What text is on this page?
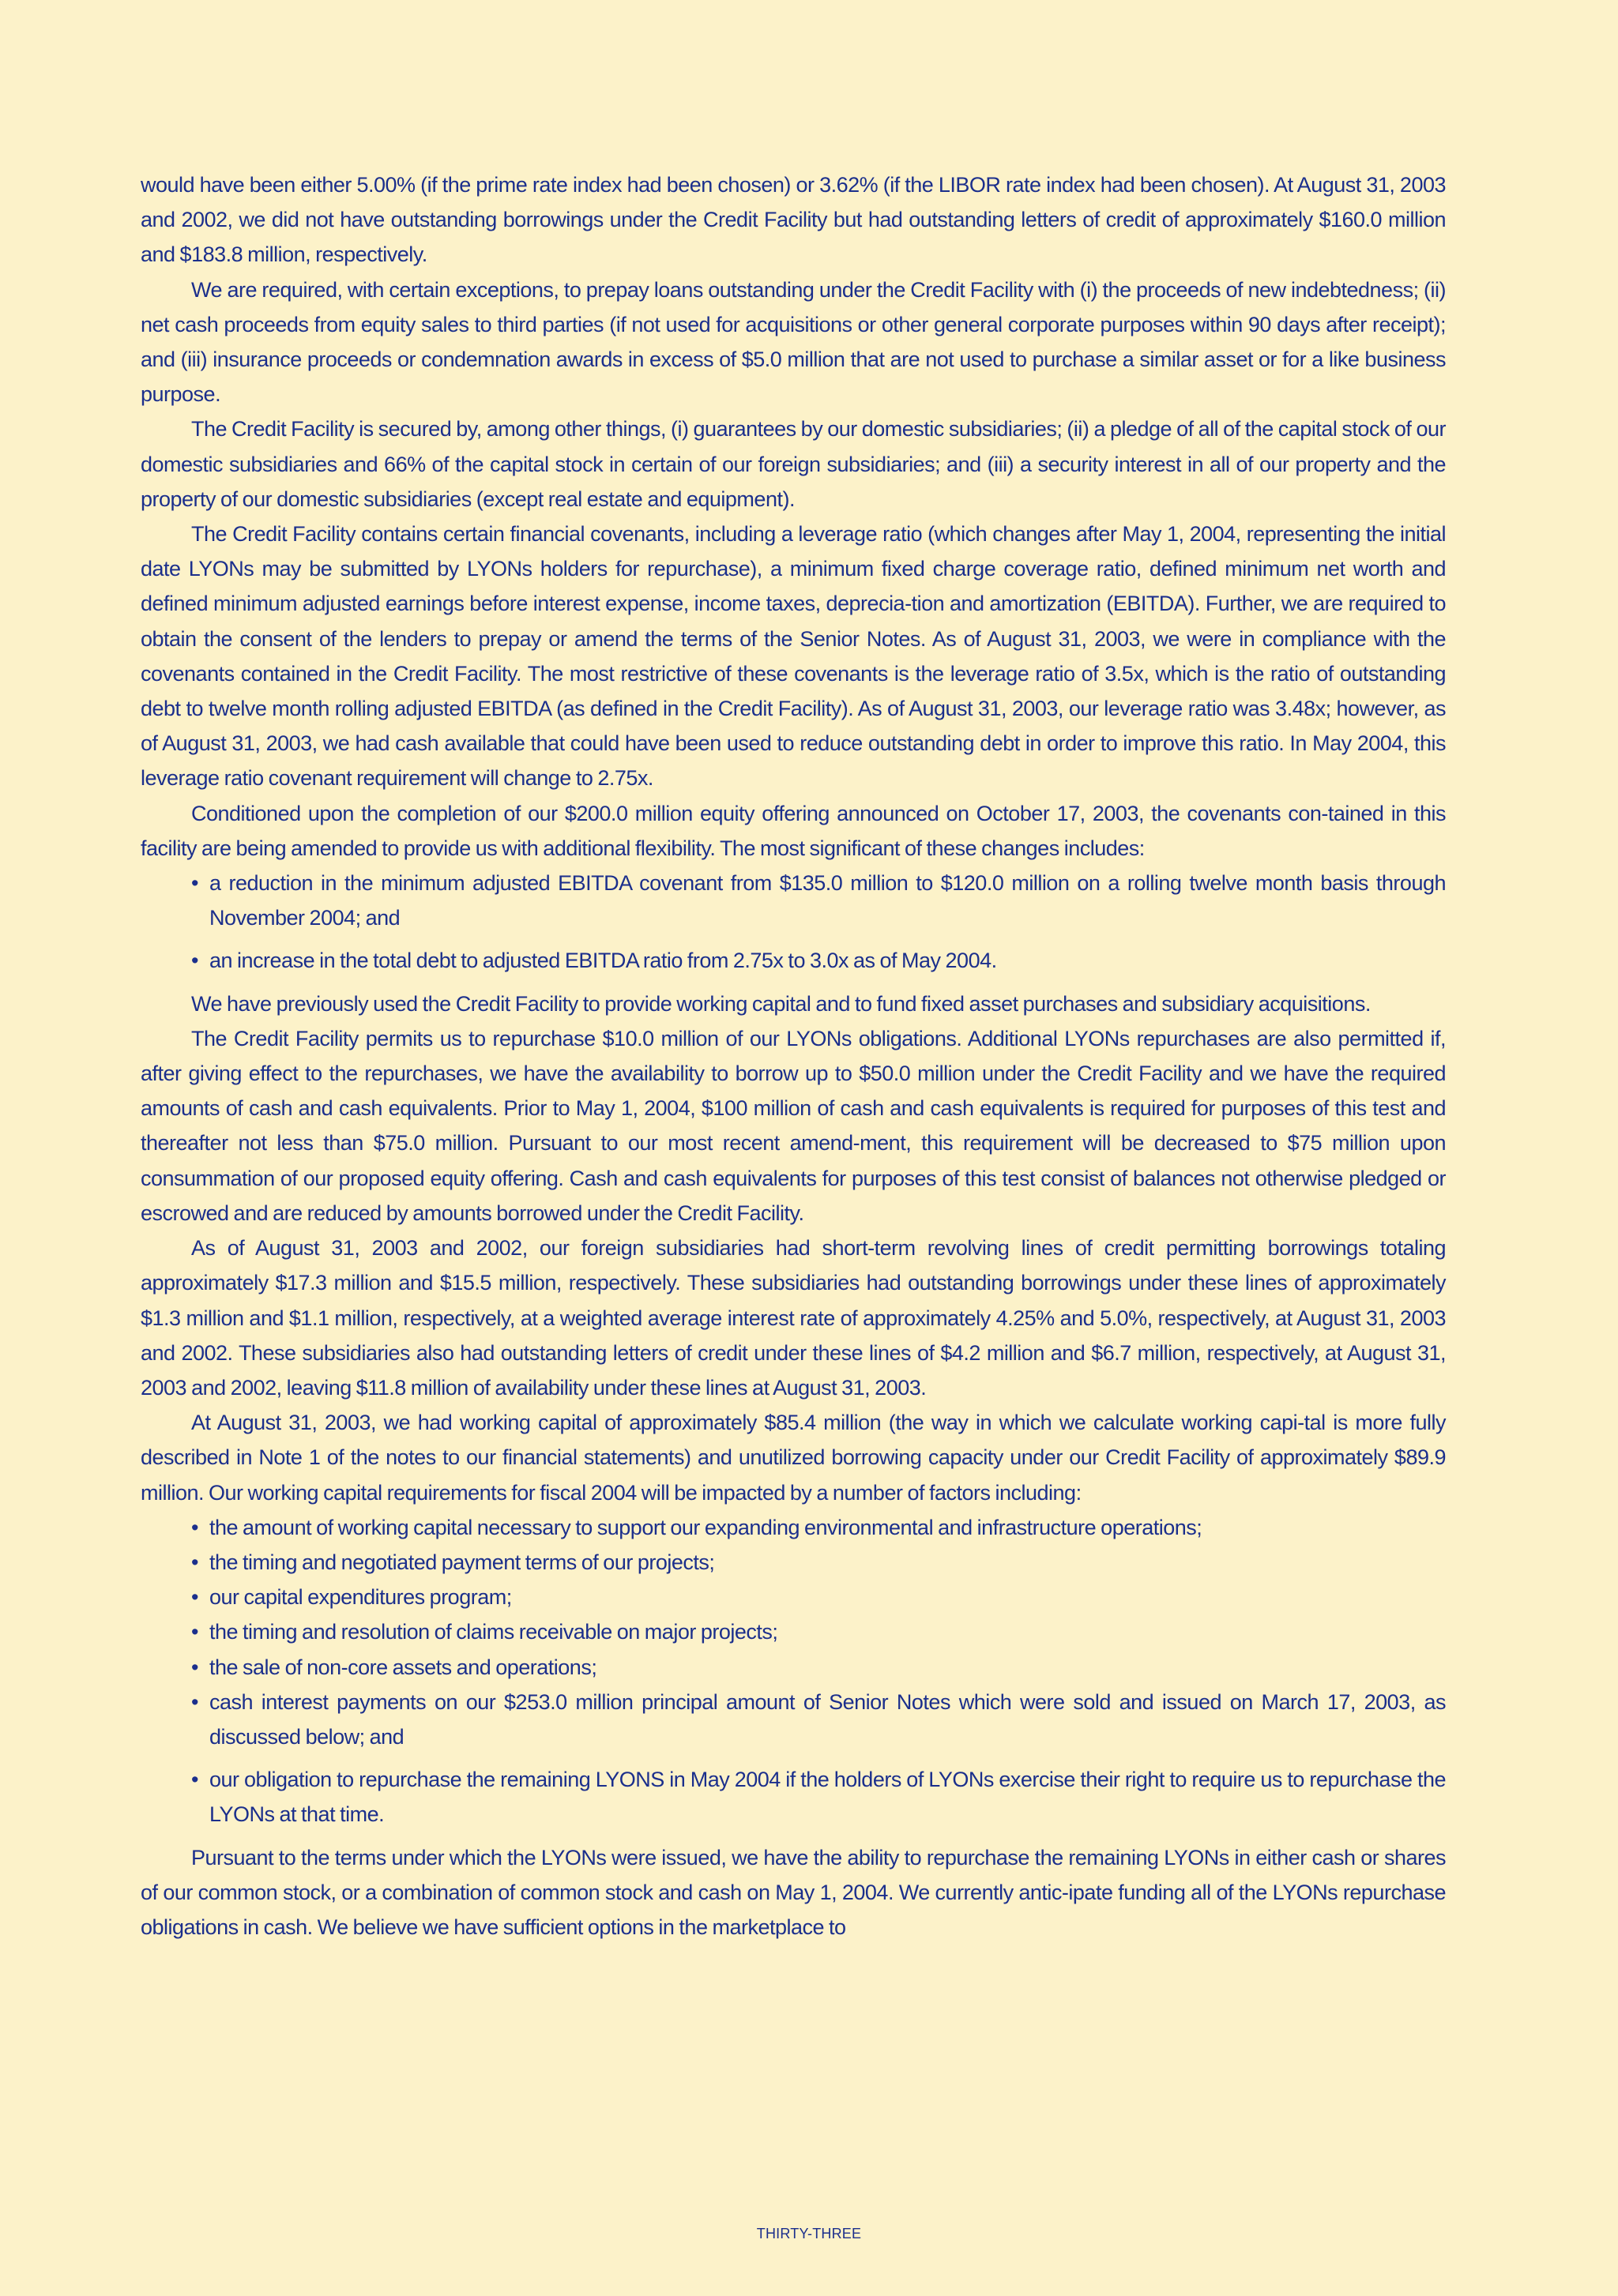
would have been either 5.00% (if the prime rate index had been chosen) or 3.62% (if the LIBOR rate index had been chosen). At August 31, 2003 and 2002, we did not have outstanding borrowings under the Credit Facility but had outstanding letters of credit of approximately $160.0 million and $183.8 million, respectively.

We are required, with certain exceptions, to prepay loans outstanding under the Credit Facility with (i) the proceeds of new indebtedness; (ii) net cash proceeds from equity sales to third parties (if not used for acquisitions or other general corporate purposes within 90 days after receipt); and (iii) insurance proceeds or condemnation awards in excess of $5.0 million that are not used to purchase a similar asset or for a like business purpose.

The Credit Facility is secured by, among other things, (i) guarantees by our domestic subsidiaries; (ii) a pledge of all of the capital stock of our domestic subsidiaries and 66% of the capital stock in certain of our foreign subsidiaries; and (iii) a security interest in all of our property and the property of our domestic subsidiaries (except real estate and equipment).

The Credit Facility contains certain financial covenants, including a leverage ratio (which changes after May 1, 2004, representing the initial date LYONs may be submitted by LYONs holders for repurchase), a minimum fixed charge coverage ratio, defined minimum net worth and defined minimum adjusted earnings before interest expense, income taxes, deprecia-tion and amortization (EBITDA). Further, we are required to obtain the consent of the lenders to prepay or amend the terms of the Senior Notes. As of August 31, 2003, we were in compliance with the covenants contained in the Credit Facility. The most restrictive of these covenants is the leverage ratio of 3.5x, which is the ratio of outstanding debt to twelve month rolling adjusted EBITDA (as defined in the Credit Facility). As of August 31, 2003, our leverage ratio was 3.48x; however, as of August 31, 2003, we had cash available that could have been used to reduce outstanding debt in order to improve this ratio. In May 2004, this leverage ratio covenant requirement will change to 2.75x.

Conditioned upon the completion of our $200.0 million equity offering announced on October 17, 2003, the covenants con-tained in this facility are being amended to provide us with additional flexibility. The most significant of these changes includes:

• a reduction in the minimum adjusted EBITDA covenant from $135.0 million to $120.0 million on a rolling twelve month basis through November 2004; and
• an increase in the total debt to adjusted EBITDA ratio from 2.75x to 3.0x as of May 2004.

We have previously used the Credit Facility to provide working capital and to fund fixed asset purchases and subsidiary acquisitions.

The Credit Facility permits us to repurchase $10.0 million of our LYONs obligations. Additional LYONs repurchases are also permitted if, after giving effect to the repurchases, we have the availability to borrow up to $50.0 million under the Credit Facility and we have the required amounts of cash and cash equivalents. Prior to May 1, 2004, $100 million of cash and cash equivalents is required for purposes of this test and thereafter not less than $75.0 million. Pursuant to our most recent amend-ment, this requirement will be decreased to $75 million upon consummation of our proposed equity offering. Cash and cash equivalents for purposes of this test consist of balances not otherwise pledged or escrowed and are reduced by amounts borrowed under the Credit Facility.

As of August 31, 2003 and 2002, our foreign subsidiaries had short-term revolving lines of credit permitting borrowings totaling approximately $17.3 million and $15.5 million, respectively. These subsidiaries had outstanding borrowings under these lines of approximately $1.3 million and $1.1 million, respectively, at a weighted average interest rate of approximately 4.25% and 5.0%, respectively, at August 31, 2003 and 2002. These subsidiaries also had outstanding letters of credit under these lines of $4.2 million and $6.7 million, respectively, at August 31, 2003 and 2002, leaving $11.8 million of availability under these lines at August 31, 2003.

At August 31, 2003, we had working capital of approximately $85.4 million (the way in which we calculate working capi-tal is more fully described in Note 1 of the notes to our financial statements) and unutilized borrowing capacity under our Credit Facility of approximately $89.9 million. Our working capital requirements for fiscal 2004 will be impacted by a number of factors including:

• the amount of working capital necessary to support our expanding environmental and infrastructure operations;
• the timing and negotiated payment terms of our projects;
• our capital expenditures program;
• the timing and resolution of claims receivable on major projects;
• the sale of non-core assets and operations;
• cash interest payments on our $253.0 million principal amount of Senior Notes which were sold and issued on March 17, 2003, as discussed below; and
• our obligation to repurchase the remaining LYONS in May 2004 if the holders of LYONs exercise their right to require us to repurchase the LYONs at that time.

Pursuant to the terms under which the LYONs were issued, we have the ability to repurchase the remaining LYONs in either cash or shares of our common stock, or a combination of common stock and cash on May 1, 2004. We currently antic-ipate funding all of the LYONs repurchase obligations in cash. We believe we have sufficient options in the marketplace to

THIRTY-THREE
